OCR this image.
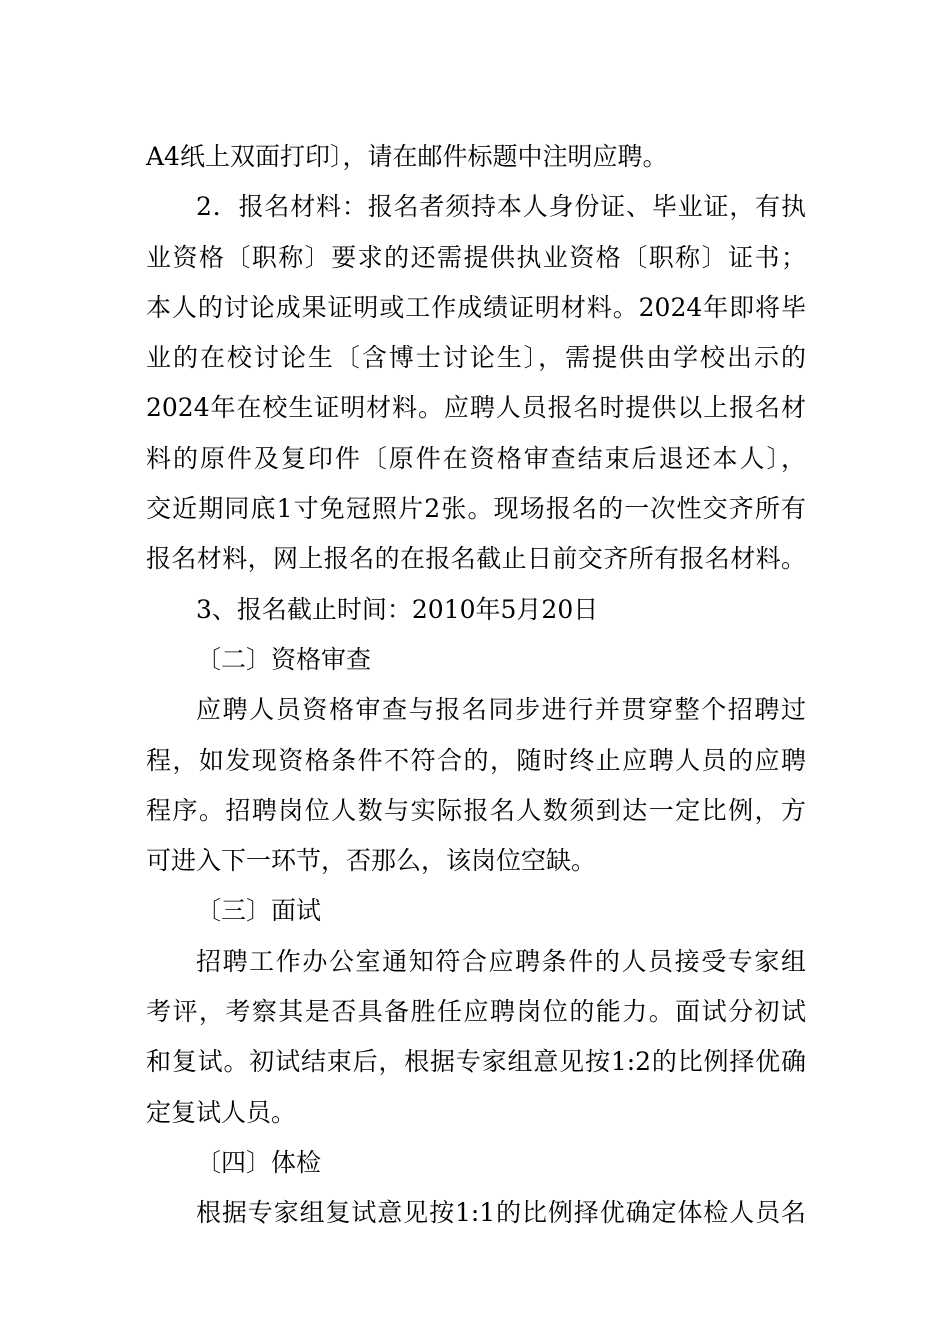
A4纸上双面打印〕，请在邮件标题中注明应聘。
2．报名材料：报名者须持本人身份证、毕业证，有执
业资格〔职称〕要求的还需提供执业资格〔职称〕证书；
本人的讨论成果证明或工作成绩证明材料。2024年即将毕
业的在校讨论生〔含博士讨论生〕，需提供由学校出示的
2024年在校生证明材料。应聘人员报名时提供以上报名材
料的原件及复印件〔原件在资格审查结束后退还本人〕，
交近期同底1寸免冠照片2张。现场报名的一次性交齐所有
报名材料，网上报名的在报名截止日前交齐所有报名材料。
3、报名截止时间：2010年5月20日
〔二〕资格审查
应聘人员资格审查与报名同步进行并贯穿整个招聘过
程，如发现资格条件不符合的，随时终止应聘人员的应聘
程序。招聘岗位人数与实际报名人数须到达一定比例，方
可进入下一环节，否那么，该岗位空缺。
〔三〕面试
招聘工作办公室通知符合应聘条件的人员接受专家组
考评，考察其是否具备胜任应聘岗位的能力。面试分初试
和复试。初试结束后，根据专家组意见按1:2的比例择优确
定复试人员。
〔四〕体检
根据专家组复试意见按1:1的比例择优确定体检人员名
